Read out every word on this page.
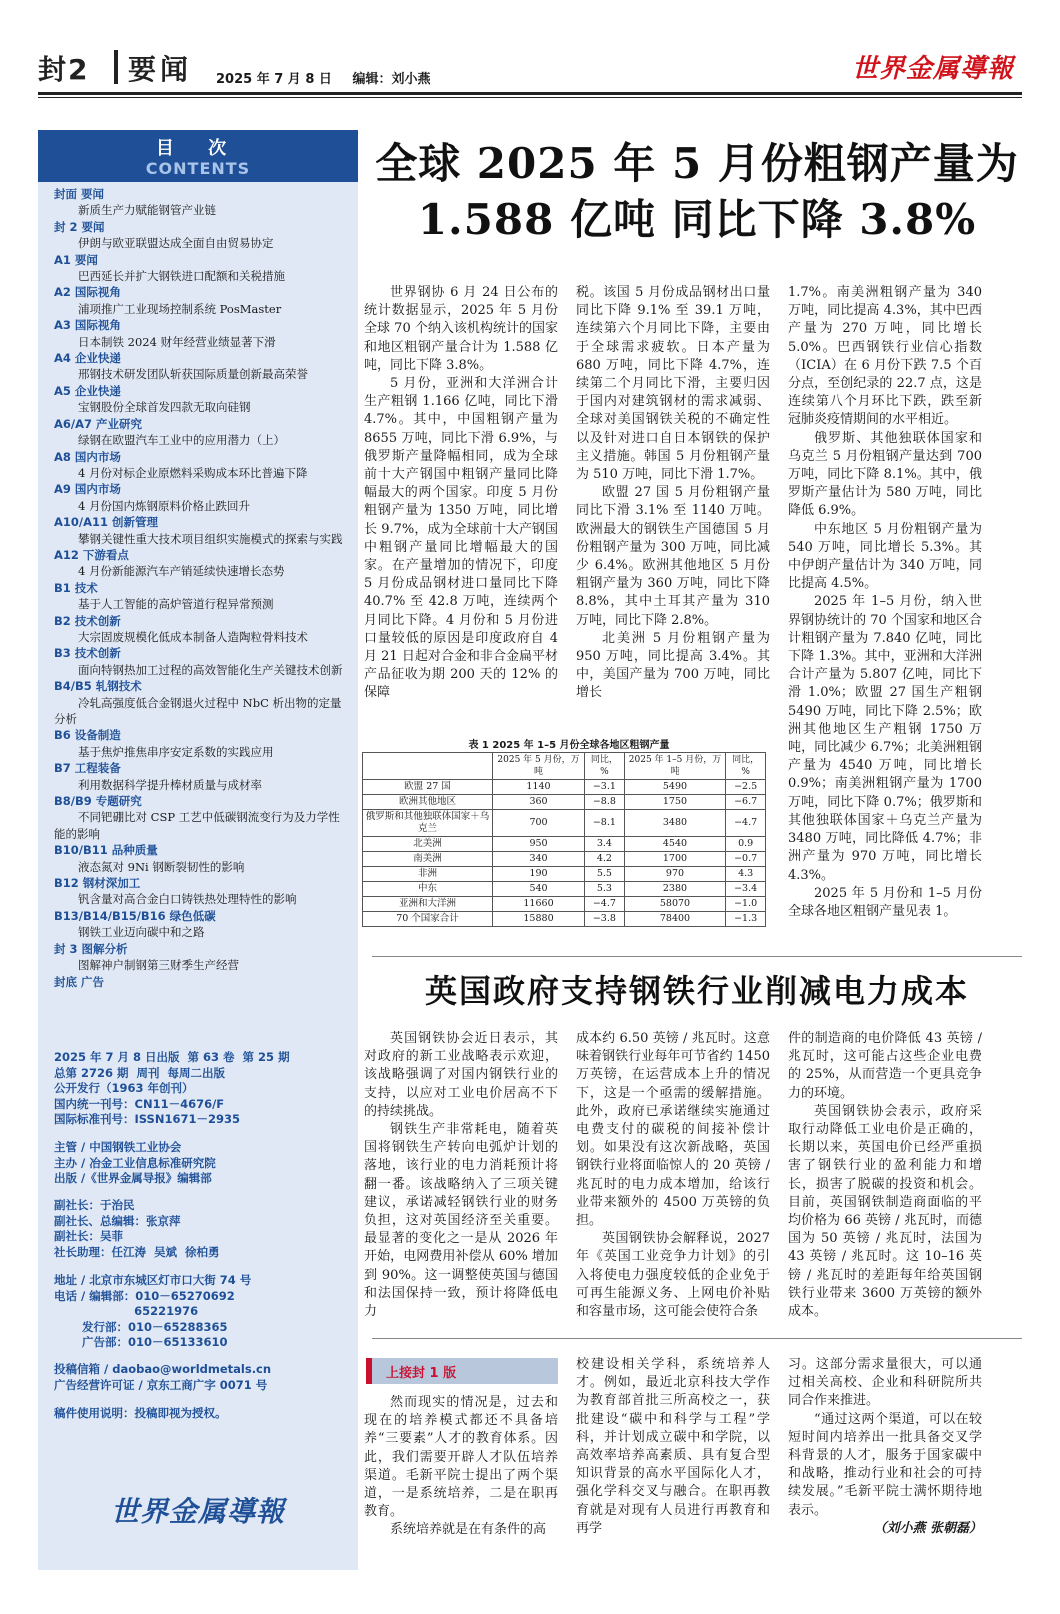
封2 要闻 2025 年 7 月 8 日 编辑：刘小燕	世界金属導報
目 次
CONTENTS
封面 要闻
新质生产力赋能钢管产业链
封 2 要闻
伊朗与欧亚联盟达成全面自由贸易协定
A1 要闻
巴西延长并扩大钢铁进口配额和关税措施
A2 国际视角
浦项推广工业现场控制系统 PosMaster
A3 国际视角
日本制铁 2024 财年经营业绩显著下滑
A4 企业快递
邢钢技术研发团队斩获国际质量创新最高荣誉
A5 企业快递
宝钢股份全球首发四款无取向硅钢
A6/A7 产业研究
绿钢在欧盟汽车工业中的应用潜力（上）
A8 国内市场
4 月份对标企业原燃料采购成本环比普遍下降
A9 国内市场
4 月份国内炼钢原料价格止跌回升
A10/A11 创新管理
攀钢关键性重大技术项目组织实施模式的探索与实践
A12 下游看点
4 月份新能源汽车产销延续快速增长态势
B1 技术
基于人工智能的高炉管道行程异常预测
B2 技术创新
大宗固废规模化低成本制备人造陶粒骨料技术
B3 技术创新
面向特钢热加工过程的高效智能化生产关键技术创新
B4/B5 轧钢技术
冷轧高强度低合金钢退火过程中 NbC 析出物的定量分析
B6 设备制造
基于焦炉推焦串序安定系数的实践应用
B7 工程装备
利用数据科学提升棒材质量与成材率
B8/B9 专题研究
不同钯硼比对 CSP 工艺中低碳钢流变行为及力学性能的影响
B10/B11 品种质量
液态氮对 9Ni 钢断裂韧性的影响
B12 钢材深加工
钒含量对高合金白口铸铁热处理特性的影响
B13/B14/B15/B16 绿色低碳
钢铁工业迈向碳中和之路
封 3 图解分析
图解神户制钢第三财季生产经营
封底 广告
2025 年 7 月 8 日出版  第 63 卷  第 25 期
总第 2726 期  周刊  每周二出版
公开发行（1963 年创刊）
国内统一刊号：CN11－4676/F
国际标准刊号：ISSN1671－2935
主管 / 中国钢铁工业协会
主办 / 冶金工业信息标准研究院
出版 /《世界金属导报》编辑部
副社长：于治民
副社长、总编辑：张京萍
副社长：吴菲
社长助理：任江涛  吴斌  徐柏勇
地址 / 北京市东城区灯市口大街 74 号
电话 / 编辑部：010－65270692
65221976
发行部：010－65288365
广告部：010－65133610
投稿信箱 / daobao@worldmetals.cn
广告经营许可证 / 京东工商广字 0071 号
稿件使用说明：投稿即视为授权。
世界金属導報
全球 2025 年 5 月份粗钢产量为
1.588 亿吨 同比下降 3.8%

世界钢协 6 月 24 日公布的统计数据显示，2025 年 5 月份全球 70 个纳入该机构统计的国家和地区粗钢产量合计为 1.588 亿吨，同比下降 3.8%。

5 月份，亚洲和大洋洲合计生产粗钢 1.166 亿吨，同比下滑 4.7%。其中，中国粗钢产量为 8655 万吨，同比下滑 6.9%，与俄罗斯产量降幅相同，成为全球前十大产钢国中粗钢产量同比降幅最大的两个国家。印度 5 月份粗钢产量为 1350 万吨，同比增长 9.7%，成为全球前十大产钢国中粗钢产量同比增幅最大的国家。在产量增加的情况下，印度 5 月份成品钢材进口量同比下降 40.7% 至 42.8 万吨，连续两个月同比下降。4 月份和 5 月份进口量较低的原因是印度政府自 4 月 21 日起对合金和非合金扁平材产品征收为期 200 天的 12% 的保障

税。该国 5 月份成品钢材出口量同比下降 9.1% 至 39.1 万吨，连续第六个月同比下降，主要由于全球需求疲软。日本产量为 680 万吨，同比下降 4.7%，连续第二个月同比下滑，主要归因于国内对建筑钢材的需求减弱、全球对美国钢铁关税的不确定性以及针对进口自日本钢铁的保护主义措施。韩国 5 月份粗钢产量为 510 万吨，同比下滑 1.7%。

欧盟 27 国 5 月份粗钢产量同比下滑 3.1% 至 1140 万吨。欧洲最大的钢铁生产国德国 5 月份粗钢产量为 300 万吨，同比减少 6.4%。欧洲其他地区 5 月份粗钢产量为 360 万吨，同比下降 8.8%，其中土耳其产量为 310 万吨，同比下降 2.8%。

北美洲 5 月份粗钢产量为 950 万吨，同比提高 3.4%。其中，美国产量为 700 万吨，同比增长

1.7%。南美洲粗钢产量为 340 万吨，同比提高 4.3%，其中巴西产量为 270 万吨，同比增长 5.0%。巴西钢铁行业信心指数（ICIA）在 6 月份下跌 7.5 个百分点，至创纪录的 22.7 点，这是连续第八个月环比下跌，跌至新冠肺炎疫情期间的水平相近。

俄罗斯、其他独联体国家和乌克兰 5 月份粗钢产量达到 700 万吨，同比下降 8.1%。其中，俄罗斯产量估计为 580 万吨，同比降低 6.9%。

中东地区 5 月份粗钢产量为 540 万吨，同比增长 5.3%。其中伊朗产量估计为 340 万吨，同比提高 4.5%。

2025 年 1–5 月份，纳入世界钢协统计的 70 个国家和地区合计粗钢产量为 7.840 亿吨，同比下降 1.3%。其中，亚洲和大洋洲合计产量为 5.807 亿吨，同比下滑 1.0%；欧盟 27 国生产粗钢 5490 万吨，同比下降 2.5%；欧洲其他地区生产粗钢 1750 万吨，同比减少 6.7%；北美洲粗钢产量为 4540 万吨，同比增长 0.9%；南美洲粗钢产量为 1700 万吨，同比下降 0.7%；俄罗斯和其他独联体国家＋乌克兰产量为 3480 万吨，同比降低 4.7%；非洲产量为 970 万吨，同比增长 4.3%。

2025 年 5 月份和 1–5 月份全球各地区粗钢产量见表 1。

表 1 2025 年 1–5 月份全球各地区粗钢产量
	2025 年 5 月份，万吨	同比，%	2025 年 1–5 月份，万吨	同比，%
欧盟 27 国	1140	−3.1	5490	−2.5
欧洲其他地区	360	−8.8	1750	−6.7
俄罗斯和其他独联体国家＋乌克兰	700	−8.1	3480	−4.7
北美洲	950	3.4	4540	0.9
南美洲	340	4.2	1700	−0.7
非洲	190	5.5	970	4.3
中东	540	5.3	2380	−3.4
亚洲和大洋洲	11660	−4.7	58070	−1.0
70 个国家合计	15880	−3.8	78400	−1.3
英国政府支持钢铁行业削减电力成本

英国钢铁协会近日表示，其对政府的新工业战略表示欢迎，该战略强调了对国内钢铁行业的支持，以应对工业电价居高不下的持续挑战。

钢铁生产非常耗电，随着英国将钢铁生产转向电弧炉计划的落地，该行业的电力消耗预计将翻一番。该战略纳入了三项关键建议，承诺减轻钢铁行业的财务负担，这对英国经济至关重要。最显著的变化之一是从 2026 年开始，电网费用补偿从 60% 增加到 90%。这一调整使英国与德国和法国保持一致，预计将降低电力

成本约 6.50 英镑 / 兆瓦时。这意味着钢铁行业每年可节省约 1450 万英镑，在运营成本上升的情况下，这是一个亟需的缓解措施。此外，政府已承诺继续实施通过电费支付的碳税的间接补偿计划。如果没有这次新战略，英国钢铁行业将面临惊人的 20 英镑 / 兆瓦时的电力成本增加，给该行业带来额外的 4500 万英镑的负担。

英国钢铁协会解释说，2027 年《英国工业竞争力计划》的引入将使电力强度较低的企业免于可再生能源义务、上网电价补贴和容量市场，这可能会使符合条

件的制造商的电价降低 43 英镑 / 兆瓦时，这可能占这些企业电费的 25%，从而营造一个更具竞争力的环境。

英国钢铁协会表示，政府采取行动降低工业电价是正确的，长期以来，英国电价已经严重损害了钢铁行业的盈利能力和增长，损害了脱碳的投资和机会。目前，英国钢铁制造商面临的平均价格为 66 英镑 / 兆瓦时，而德国为 50 英镑 / 兆瓦时，法国为 43 英镑 / 兆瓦时。这 10–16 英镑 / 兆瓦时的差距每年给英国钢铁行业带来 3600 万英镑的额外成本。

上接封 1 版

然而现实的情况是，过去和现在的培养模式都还不具备培养“三要素”人才的教育体系。因此，我们需要开辟人才队伍培养渠道。毛新平院士提出了两个渠道，一是系统培养，二是在职再教育。

系统培养就是在有条件的高

校建设相关学科，系统培养人才。例如，最近北京科技大学作为教育部首批三所高校之一，获批建设“碳中和科学与工程”学科，并计划成立碳中和学院，以高效率培养高素质、具有复合型知识背景的高水平国际化人才，强化学科交叉与融合。在职再教育就是对现有人员进行再教育和再学

习。这部分需求量很大，可以通过相关高校、企业和科研院所共同合作来推进。

“通过这两个渠道，可以在较短时间内培养出一批具备交叉学科背景的人才，服务于国家碳中和战略，推动行业和社会的可持续发展。”毛新平院士满怀期待地表示。

（刘小燕 张朝磊）
